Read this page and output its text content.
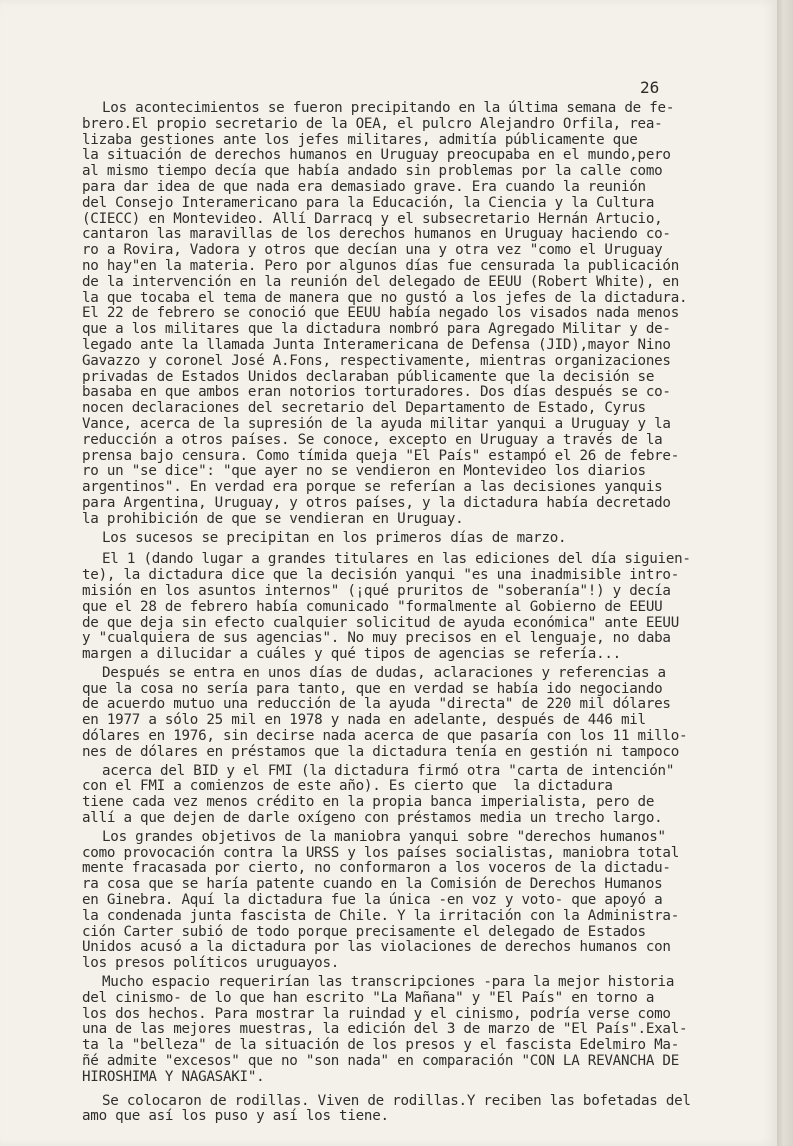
26

Los acontecimientos se fueron precipitando en la última semana de fe-
brero.El propio secretario de la OEA, el pulcro Alejandro Orfila, rea-
lizaba gestiones ante los jefes militares, admitía públicamente que
la situación de derechos humanos en Uruguay preocupaba en el mundo,pero
al mismo tiempo decía que había andado sin problemas por la calle como
para dar idea de que nada era demasiado grave. Era cuando la reunión
del Consejo Interamericano para la Educación, la Ciencia y la Cultura
(CIECC) en Montevideo. Allí Darracq y el subsecretario Hernán Artucio,
cantaron las maravillas de los derechos humanos en Uruguay haciendo co-
ro a Rovira, Vadora y otros que decían una y otra vez "como el Uruguay
no hay"en la materia. Pero por algunos días fue censurada la publicación
de la intervención en la reunión del delegado de EEUU (Robert White), en
la que tocaba el tema de manera que no gustó a los jefes de la dictadura.
El 22 de febrero se conoció que EEUU había negado los visados nada menos
que a los militares que la dictadura nombró para Agregado Militar y de-
legado ante la llamada Junta Interamericana de Defensa (JID),mayor Nino
Gavazzo y coronel José A.Fons, respectivamente, mientras organizaciones
privadas de Estados Unidos declaraban públicamente que la decisión se
basaba en que ambos eran notorios torturadores. Dos días después se co-
nocen declaraciones del secretario del Departamento de Estado, Cyrus
Vance, acerca de la supresión de la ayuda militar yanqui a Uruguay y la
reducción a otros países. Se conoce, excepto en Uruguay a través de la
prensa bajo censura. Como tímida queja "El País" estampó el 26 de febre-
ro un "se dice": "que ayer no se vendieron en Montevideo los diarios
argentinos". En verdad era porque se referían a las decisiones yanquis
para Argentina, Uruguay, y otros países, y la dictadura había decretado
la prohibición de que se vendieran en Uruguay.

Los sucesos se precipitan en los primeros días de marzo.

El 1 (dando lugar a grandes titulares en las ediciones del día siguien-
te), la dictadura dice que la decisión yanqui "es una inadmisible intro-
misión en los asuntos internos" (¡qué pruritos de "soberanía"!) y decía
que el 28 de febrero había comunicado "formalmente al Gobierno de EEUU
de que deja sin efecto cualquier solicitud de ayuda económica" ante EEUU
y "cualquiera de sus agencias". No muy precisos en el lenguaje, no daba
margen a dilucidar a cuáles y qué tipos de agencias se refería...

Después se entra en unos días de dudas, aclaraciones y referencias a
que la cosa no sería para tanto, que en verdad se había ido negociando
de acuerdo mutuo una reducción de la ayuda "directa" de 220 mil dólares
en 1977 a sólo 25 mil en 1978 y nada en adelante, después de 446 mil
dólares en 1976, sin decirse nada acerca de que pasaría con los 11 millo-
nes de dólares en préstamos que la dictadura tenía en gestión ni tampoco

acerca del BID y el FMI (la dictadura firmó otra "carta de intención"
con el FMI a comienzos de este año). Es cierto que  la dictadura
tiene cada vez menos crédito en la propia banca imperialista, pero de
allí a que dejen de darle oxígeno con préstamos media un trecho largo.

Los grandes objetivos de la maniobra yanqui sobre "derechos humanos"
como provocación contra la URSS y los países socialistas, maniobra total
mente fracasada por cierto, no conformaron a los voceros de la dictadu-
ra cosa que se haría patente cuando en la Comisión de Derechos Humanos
en Ginebra. Aquí la dictadura fue la única -en voz y voto- que apoyó a
la condenada junta fascista de Chile. Y la irritación con la Administra-
ción Carter subió de todo porque precisamente el delegado de Estados
Unidos acusó a la dictadura por las violaciones de derechos humanos con
los presos políticos uruguayos.

Mucho espacio requerirían las transcripciones -para la mejor historia
del cinismo- de lo que han escrito "La Mañana" y "El País" en torno a
los dos hechos. Para mostrar la ruindad y el cinismo, podría verse como
una de las mejores muestras, la edición del 3 de marzo de "El País".Exal-
ta la "belleza" de la situación de los presos y el fascista Edelmiro Ma-
ñé admite "excesos" que no "son nada" en comparación "CON LA REVANCHA DE
HIROSHIMA Y NAGASAKI".

Se colocaron de rodillas. Viven de rodillas.Y reciben las bofetadas del
amo que así los puso y así los tiene.
